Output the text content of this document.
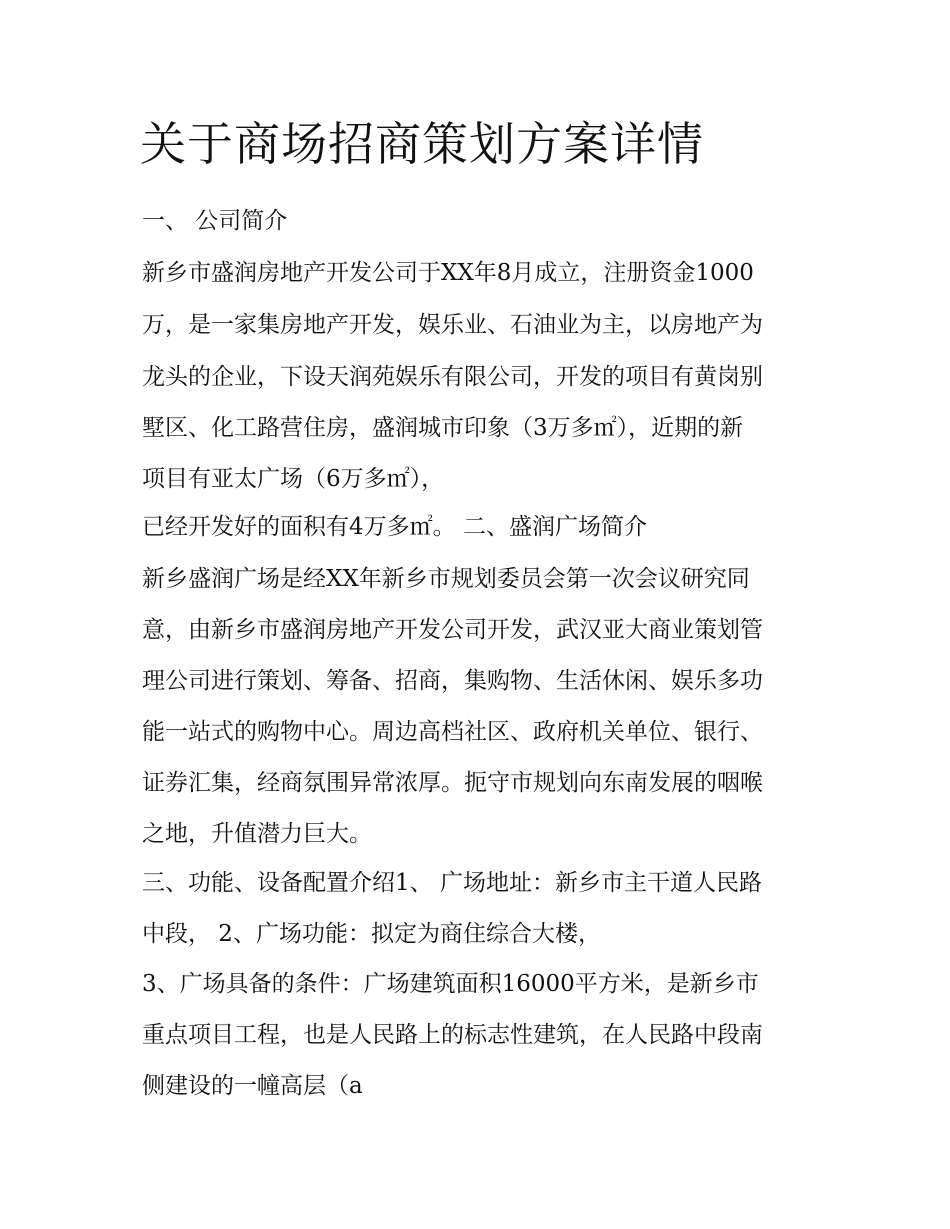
关于商场招商策划方案详情
一、 公司简介
新乡市盛润房地产开发公司于XX年8月成立，注册资金1000
万，是一家集房地产开发，娱乐业、石油业为主，以房地产为
龙头的企业，下设天润苑娱乐有限公司，开发的项目有黄岗别
墅区、化工路营住房，盛润城市印象（3万多㎡），近期的新
项目有亚太广场（6万多㎡），
已经开发好的面积有4万多㎡。 二、盛润广场简介
新乡盛润广场是经XX年新乡市规划委员会第一次会议研究同
意，由新乡市盛润房地产开发公司开发，武汉亚大商业策划管
理公司进行策划、筹备、招商，集购物、生活休闲、娱乐多功
能一站式的购物中心。周边高档社区、政府机关单位、银行、
证券汇集，经商氛围异常浓厚。扼守市规划向东南发展的咽喉
之地，升值潜力巨大。
三、功能、设备配置介绍1、 广场地址：新乡市主干道人民路
中段， 2、广场功能：拟定为商住综合大楼，
3、广场具备的条件：广场建筑面积16000平方米，是新乡市
重点项目工程，也是人民路上的标志性建筑，在人民路中段南
侧建设的一幢高层（a
